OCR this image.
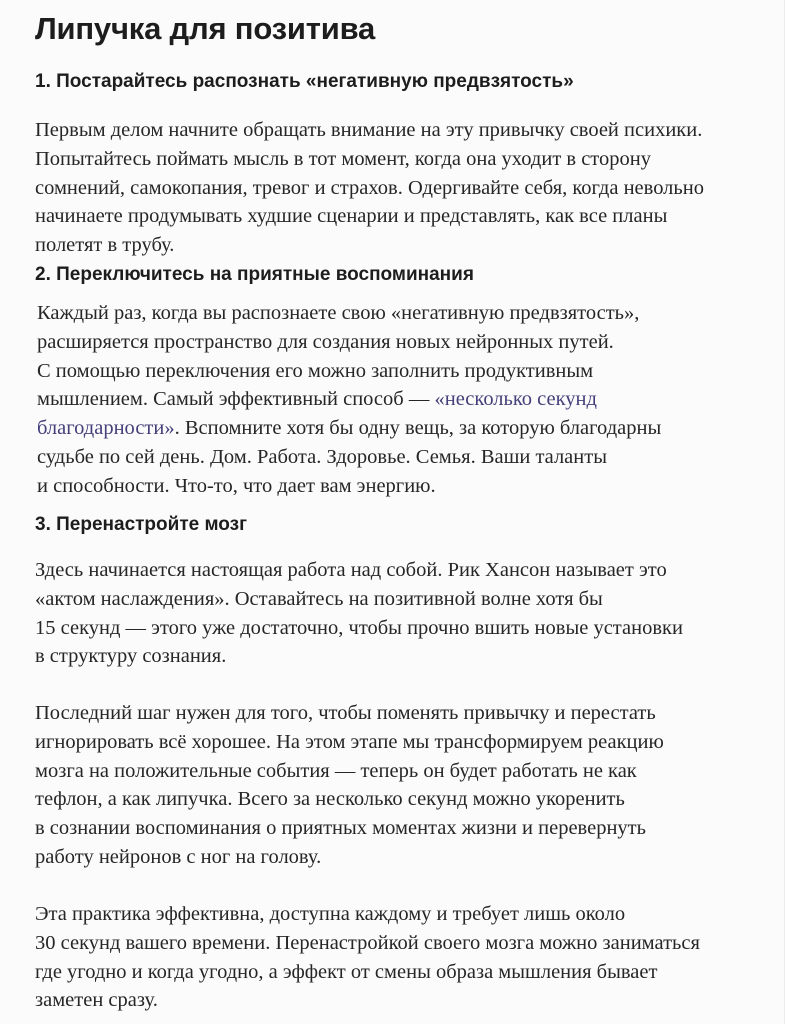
Липучка для позитива
1. Постарайтесь распознать «негативную предвзятость»

Первым делом начните обращать внимание на эту привычку своей психики.
Попытайтесь поймать мысль в тот момент, когда она уходит в сторону
сомнений, самокопания, тревог и страхов. Одергивайте себя, когда невольно
начинаете продумывать худшие сценарии и представлять, как все планы
полетят в трубу.

2. Переключитесь на приятные воспоминания

Каждый раз, когда вы распознаете свою «негативную предвзятость»,
расширяется пространство для создания новых нейронных путей.
С помощью переключения его можно заполнить продуктивным
мышлением. Самый эффективный способ — «несколько секунд
благодарности». Вспомните хотя бы одну вещь, за которую благодарны
судьбе по сей день. Дом. Работа. Здоровье. Семья. Ваши таланты
и способности. Что-то, что дает вам энергию.

3. Перенастройте мозг

Здесь начинается настоящая работа над собой. Рик Хансон называет это
«актом наслаждения». Оставайтесь на позитивной волне хотя бы
15 секунд — этого уже достаточно, чтобы прочно вшить новые установки
в структуру сознания.

Последний шаг нужен для того, чтобы поменять привычку и перестать
игнорировать всё хорошее. На этом этапе мы трансформируем реакцию
мозга на положительные события — теперь он будет работать не как
тефлон, а как липучка. Всего за несколько секунд можно укоренить
в сознании воспоминания о приятных моментах жизни и перевернуть
работу нейронов с ног на голову.

Эта практика эффективна, доступна каждому и требует лишь около
30 секунд вашего времени. Перенастройкой своего мозга можно заниматься
где угодно и когда угодно, а эффект от смены образа мышления бывает
заметен сразу.
